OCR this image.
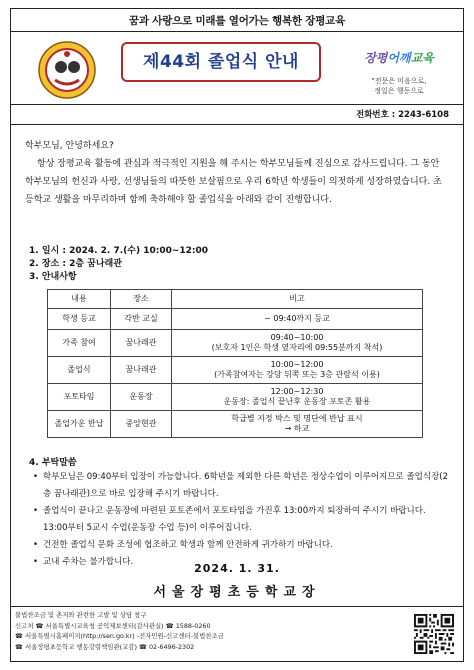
꿈과 사랑으로 미래를 열어가는 행복한 장평교육
제44회 졸업식 안내	장평어깨교육
"전문은 미음으로,
정일은 행동으로
전화번호 : 2243-6108

학부모님, 안녕하세요?

항상 장평교육 활동에 관심과 적극적인 지원을 해 주시는 학부모님들께 진심으로 감사드립니다. 그 동안 학부모님의 헌신과 사랑, 선생님들의 따뜻한 보살핌으로 우리 6학년 학생들이 의젓하게 성장하였습니다. 초등학교 생활을 마무리하며 함께 축하해야 할 졸업식을 아래와 같이 진행합니다.

1. 일시 : 2024. 2. 7.(수) 10:00~12:00
2. 장소 : 2층 꿈나래관
3. 안내사항
내용	장소	비고
학생 등교	각반 교실	~ 09:40까지 등교
가족 참여	꿈나래관	09:40~10:00
(보호자 1인은 학생 옆자리에 09:55분까지 착석)

졸업식	꿈나래관	10:00~12:00
(가족참여자는 강당 뒤쪽 또는 3층 관람석 이용)

포토타임	운동장	12:00~12:30
운동장: 졸업식 끝난후 운동장 포토존 활용

졸업가운 반납	중앙현관	학급별 지정 박스 및 명단에 반납 표시
→ 하교
4. 부탁말씀
• 학부모님은 09:40부터 입장이 가능합니다. 6학년을 제외한 다른 학년은 정상수업이 이루어지므로 졸업식장(2층 꿈나래관)으로 바로 입장해 주시기 바랍니다.
• 졸업식이 끝나고 운동장에 마련된 포토존에서 포토타임을 가진후 13:00까지 퇴장하여 주시기 바랍니다. 13:00부터 5교시 수업(운동장 수업 등)이 이루어집니다.
• 건전한 졸업식 문화 조성에 협조하고 학생과 함께 안전하게 귀가하기 바랍니다.
• 교내 주차는 불가합니다.	2024. 1. 31.
서울장평초등학교장
불법찬조금 및 촌지와 관련한 고발 및 상담 창구
신고처 ☎ 서울특별시교육청 공익제보센터(감사관실) ☎ 1588-0260
☎ 서울특별시홈페이지(http://sen.go.kr) -전자민원-신고센터-불법찬조금
☎ 서울장평초등학교 행동강령책임관(교감) ☎ 02-6496-2302
